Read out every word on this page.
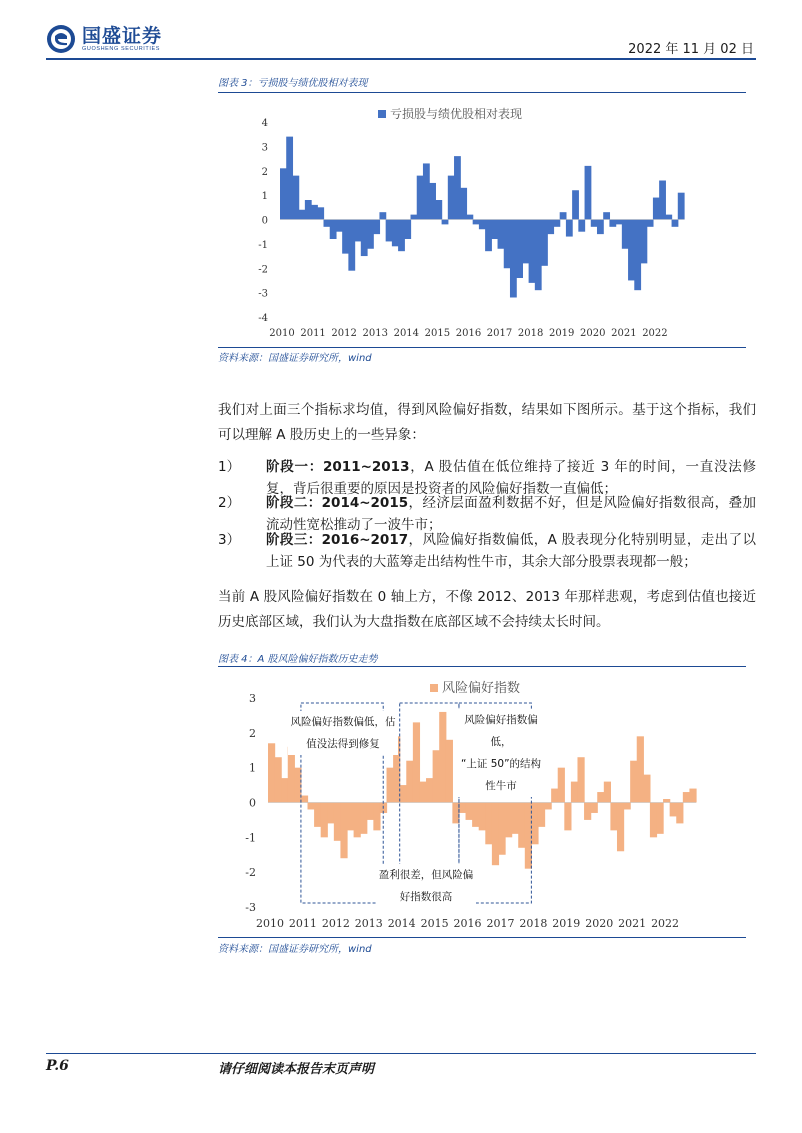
国盛证券
GUOSHENG SECURITIES	2022 年 11 月 02 日
图表 3：亏损股与绩优股相对表现
4
3
2
1
0
-1
-2
-3
-4
2010 2011 2012 2013 2014 2015 2016 2017 2018 2019 2020 2021 2022
亏损股与绩优股相对表现
资料来源：国盛证券研究所，wind
我们对上面三个指标求均值，得到风险偏好指数，结果如下图所示。基于这个指标，我们可以理解 A 股历史上的一些异象：
1） 阶段一：2011~2013，A 股估值在低位维持了接近 3 年的时间，一直没法修复，背后很重要的原因是投资者的风险偏好指数一直偏低；
2） 阶段二：2014~2015，经济层面盈利数据不好，但是风险偏好指数很高，叠加流动性宽松推动了一波牛市；
3） 阶段三：2016~2017，风险偏好指数偏低，A 股表现分化特别明显，走出了以上证 50 为代表的大蓝筹走出结构性牛市，其余大部分股票表现都一般；
当前 A 股风险偏好指数在 0 轴上方，不像 2012、2013 年那样悲观，考虑到估值也接近历史底部区域，我们认为大盘指数在底部区域不会持续太长时间。
图表 4：A 股风险偏好指数历史走势
3
2
1
0
-1
-2
-3
2010 2011 2012 2013 2014 2015 2016 2017 2018 2019 2020 2021 2022
风险偏好指数
风险偏好指数偏低，估
值没法得到修复
盈利很差，但风险偏
好指数很高
风险偏好指数偏低，
“上证 50”的结构
性牛市
资料来源：国盛证券研究所，wind
P.6	请仔细阅读本报告末页声明
